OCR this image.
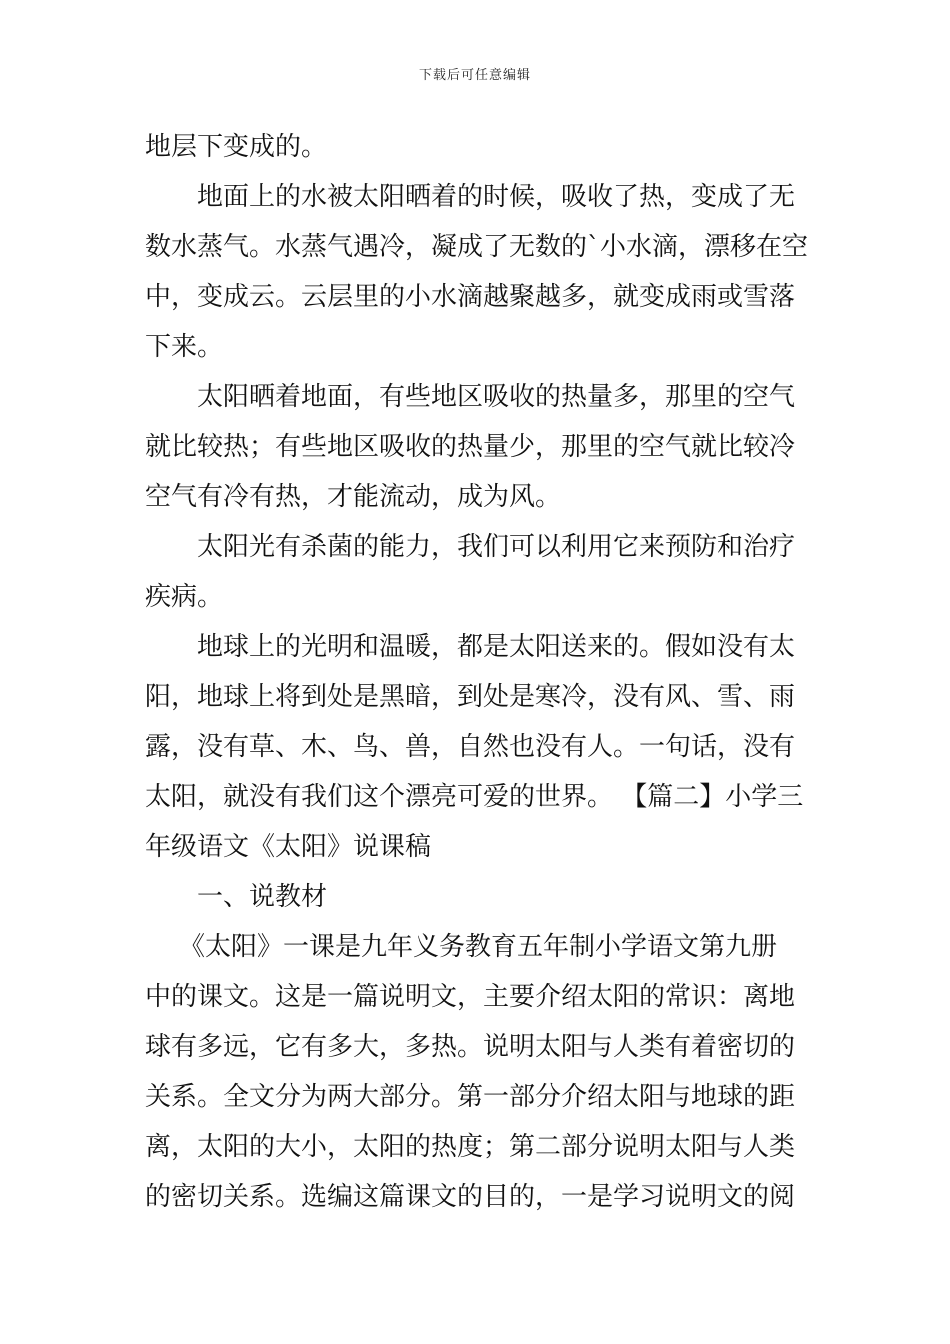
下载后可任意编辑
地层下变成的。
地面上的水被太阳晒着的时候，吸收了热，变成了无
数水蒸气。水蒸气遇冷，凝成了无数的`小水滴，漂移在空
中，变成云。云层里的小水滴越聚越多，就变成雨或雪落
下来。
太阳晒着地面，有些地区吸收的热量多，那里的空气
就比较热；有些地区吸收的热量少，那里的空气就比较冷
空气有冷有热，才能流动，成为风。
太阳光有杀菌的能力，我们可以利用它来预防和治疗
疾病。
地球上的光明和温暖，都是太阳送来的。假如没有太
阳，地球上将到处是黑暗，到处是寒冷，没有风、雪、雨
露，没有草、木、鸟、兽，自然也没有人。一句话，没有
太阳，就没有我们这个漂亮可爱的世界。 【篇二】小学三
年级语文《太阳》说课稿
一、说教材
《太阳》一课是九年义务教育五年制小学语文第九册
中的课文。这是一篇说明文，主要介绍太阳的常识：离地
球有多远，它有多大，多热。说明太阳与人类有着密切的
关系。全文分为两大部分。第一部分介绍太阳与地球的距
离，太阳的大小，太阳的热度；第二部分说明太阳与人类
的密切关系。选编这篇课文的目的，一是学习说明文的阅
